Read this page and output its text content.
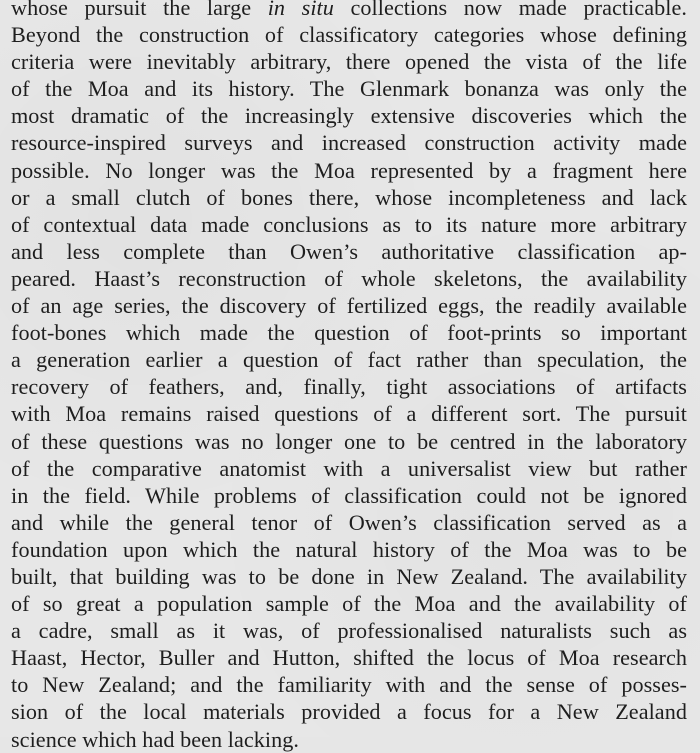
whose pursuit the large in situ collections now made practicable.
Beyond the construction of classificatory categories whose defining
criteria were inevitably arbitrary, there opened the vista of the life
of the Moa and its history. The Glenmark bonanza was only the
most dramatic of the increasingly extensive discoveries which the
resource-inspired surveys and increased construction activity made
possible. No longer was the Moa represented by a fragment here
or a small clutch of bones there, whose incompleteness and lack
of contextual data made conclusions as to its nature more arbitrary
and less complete than Owen’s authoritative classification ap-
peared. Haast’s reconstruction of whole skeletons, the availability
of an age series, the discovery of fertilized eggs, the readily available
foot-bones which made the question of foot-prints so important
a generation earlier a question of fact rather than speculation, the
recovery of feathers, and, finally, tight associations of artifacts
with Moa remains raised questions of a different sort. The pursuit
of these questions was no longer one to be centred in the laboratory
of the comparative anatomist with a universalist view but rather
in the field. While problems of classification could not be ignored
and while the general tenor of Owen’s classification served as a
foundation upon which the natural history of the Moa was to be
built, that building was to be done in New Zealand. The availability
of so great a population sample of the Moa and the availability of
a cadre, small as it was, of professionalised naturalists such as
Haast, Hector, Buller and Hutton, shifted the locus of Moa research
to New Zealand; and the familiarity with and the sense of posses-
sion of the local materials provided a focus for a New Zealand
science which had been lacking.
